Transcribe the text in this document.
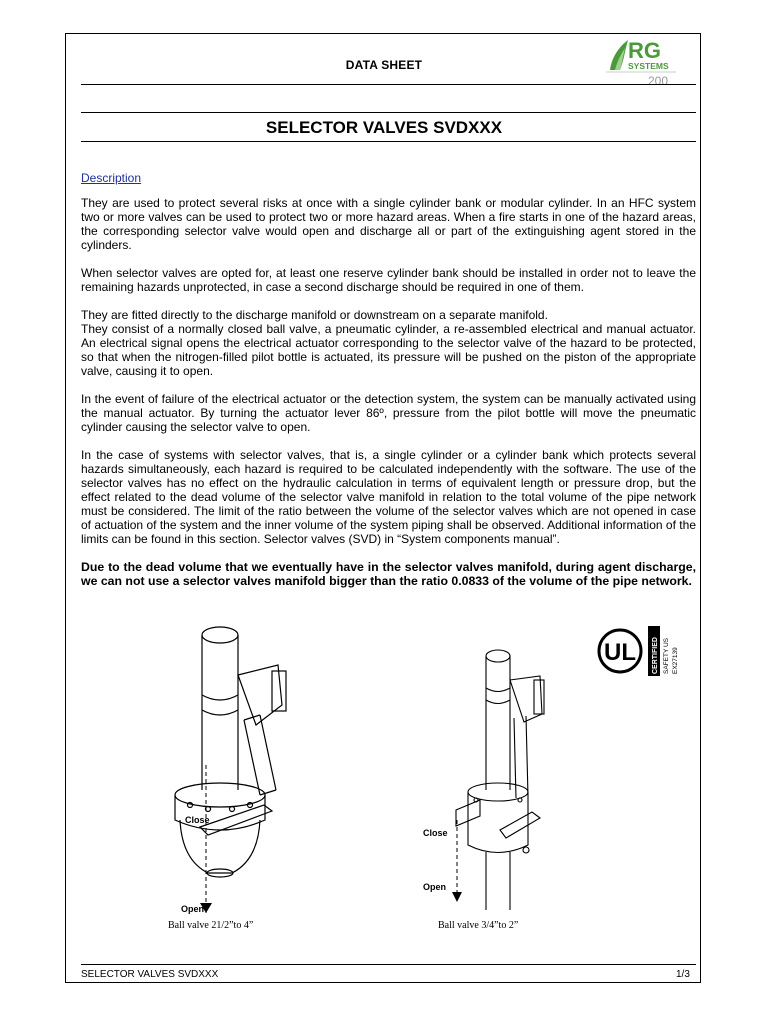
DATA SHEET
RG
SYSTEMS
200
SELECTOR VALVES SVDXXX
Description

They are used to protect several risks at once with a single cylinder bank or modular cylinder. In an HFC system two or more valves can be used to protect two or more hazard areas. When a fire starts in one of the hazard areas, the corresponding selector valve would open and discharge all or part of the extinguishing agent stored in the cylinders.

When selector valves are opted for, at least one reserve cylinder bank should be installed in order not to leave the remaining hazards unprotected, in case a second discharge should be required in one of them.

They are fitted directly to the discharge manifold or downstream on a separate manifold.

They consist of a normally closed ball valve, a pneumatic cylinder, a re-assembled electrical and manual actuator. An electrical signal opens the electrical actuator corresponding to the selector valve of the hazard to be protected, so that when the nitrogen-filled pilot bottle is actuated, its pressure will be pushed on the piston of the appropriate valve, causing it to open.

In the event of failure of the electrical actuator or the detection system, the system can be manually activated using the manual actuator. By turning the actuator lever 86º, pressure from the pilot bottle will move the pneumatic cylinder causing the selector valve to open.

In the case of systems with selector valves, that is, a single cylinder or a cylinder bank which protects several hazards simultaneously, each hazard is required to be calculated independently with the software. The use of the selector valves has no effect on the hydraulic calculation in terms of equivalent length or pressure drop, but the effect related to the dead volume of the selector valve manifold in relation to the total volume of the pipe network must be considered. The limit of the ratio between the volume of the selector valves which are not opened in case of actuation of the system and the inner volume of the system piping shall be observed. Additional information of the limits can be found in this section. Selector valves (SVD) in “System components manual”.

Due to the dead volume that we eventually have in the selector valves manifold, during agent discharge, we can not use a selector valves manifold bigger than the ratio 0.0833 of the volume of the pipe network.

UL CERTIFIED SAFETY US EX27139
Close
Open
Ball valve 21/2”to 4”
Close
Open
Ball valve 3/4”to 2”
SELECTOR VALVES SVDXXX	1/3
